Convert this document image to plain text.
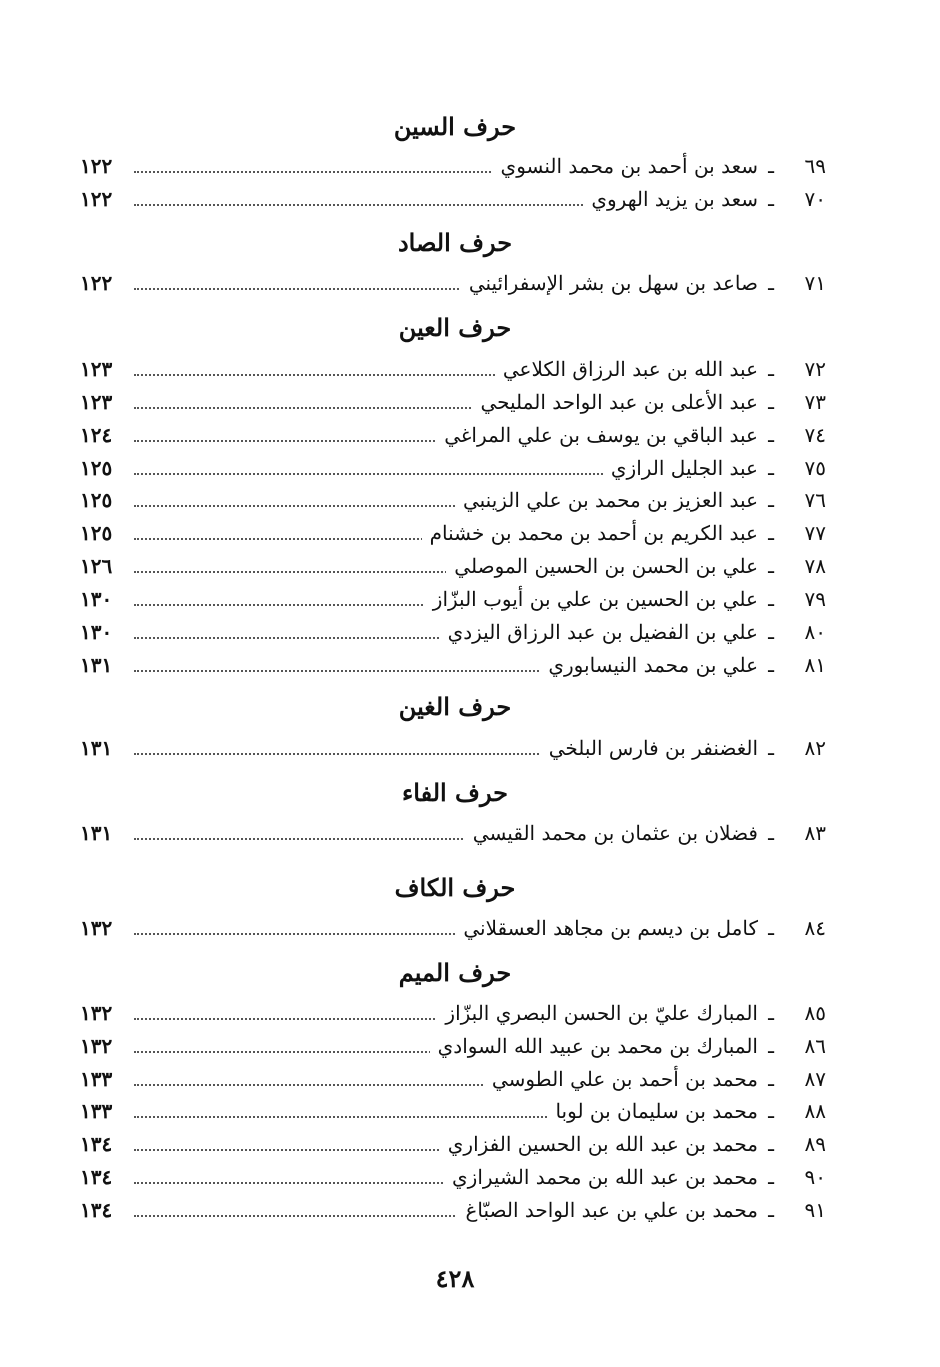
حرف السين
٦٩
ـ
سعد بن أحمد بن محمد النسوي
١٢٢
٧٠
ـ
سعد بن يزيد الهروي
١٢٢
حرف الصاد
٧١
ـ
صاعد بن سهل بن بشر الإسفرائيني
١٢٢
حرف العين
٧٢
ـ
عبد الله بن عبد الرزاق الكلاعي
١٢٣
٧٣
ـ
عبد الأعلى بن عبد الواحد المليحي
١٢٣
٧٤
ـ
عبد الباقي بن يوسف بن علي المراغي
١٢٤
٧٥
ـ
عبد الجليل الرازي
١٢٥
٧٦
ـ
عبد العزيز بن محمد بن علي الزينبي
١٢٥
٧٧
ـ
عبد الكريم بن أحمد بن محمد بن خشنام
١٢٥
٧٨
ـ
علي بن الحسن بن الحسين الموصلي
١٢٦
٧٩
ـ
علي بن الحسين بن علي بن أيوب البزّاز
١٣٠
٨٠
ـ
علي بن الفضيل بن عبد الرزاق اليزدي
١٣٠
٨١
ـ
علي بن محمد النيسابوري
١٣١
حرف الغين
٨٢
ـ
الغضنفر بن فارس البلخي
١٣١
حرف الفاء
٨٣
ـ
فضلان بن عثمان بن محمد القيسي
١٣١
حرف الكاف
٨٤
ـ
كامل بن ديسم بن مجاهد العسقلاني
١٣٢
حرف الميم
٨٥
ـ
المبارك عليّ بن الحسن البصري البزّاز
١٣٢
٨٦
ـ
المبارك بن محمد بن عبيد الله السوادي
١٣٢
٨٧
ـ
محمد بن أحمد بن علي الطوسي
١٣٣
٨٨
ـ
محمد بن سليمان بن لوبا
١٣٣
٨٩
ـ
محمد بن عبد الله بن الحسين الفزاري
١٣٤
٩٠
ـ
محمد بن عبد الله بن محمد الشيرازي
١٣٤
٩١
ـ
محمد بن علي بن عبد الواحد الصبّاغ
١٣٤
٤٢٨
